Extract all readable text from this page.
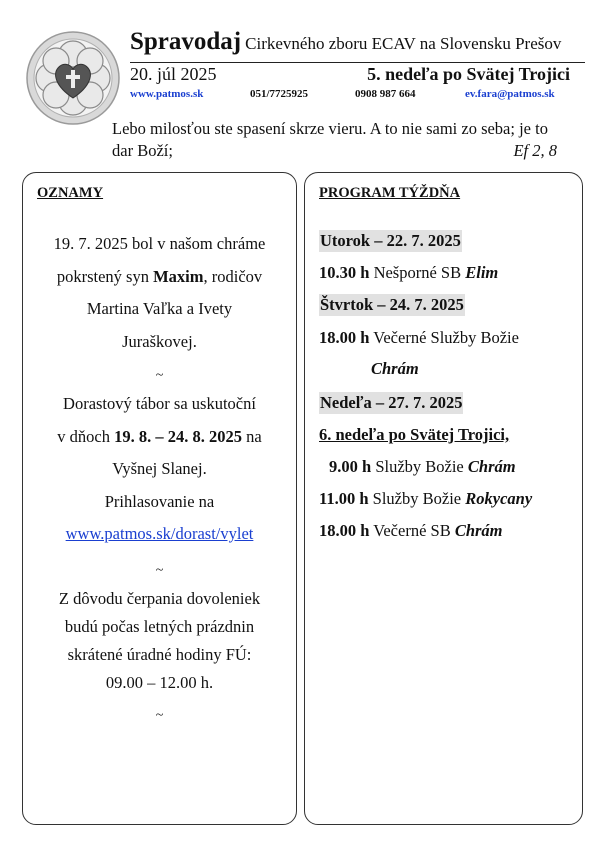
Spravodaj Cirkevného zboru ECAV na Slovensku Prešov
20. júl 2025	5. nedeľa po Svätej Trojici
www.patmos.sk	051/7725925	0908 987 664	ev.fara@patmos.sk
Lebo milosťou ste spasení skrze vieru. A to nie sami zo seba; je to dar Boží;	Ef 2, 8
OZNAMY
19. 7. 2025 bol v našom chráme
pokrstený syn Maxim, rodičov
Martina Vaľka a Ivety
Juraškovej.
~
Dorastový tábor sa uskutoční
v dňoch 19. 8. – 24. 8. 2025 na
Vyšnej Slanej.
Prihlasovanie na
www.patmos.sk/dorast/vylet
~
Z dôvodu čerpania dovoleniek
budú počas letných prázdnin
skrátené úradné hodiny FÚ:
09.00 – 12.00 h.
~
PROGRAM TÝŽDŇA
Utorok – 22. 7. 2025
10.30 h Nešporné SB Elim
Štvrtok – 24. 7. 2025
18.00 h Večerné Služby Božie
Chrám
Nedeľa – 27. 7. 2025
6. nedeľa po Svätej Trojici,
9.00 h Služby Božie Chrám
11.00 h Služby Božie Rokycany
18.00 h Večerné SB Chrám
